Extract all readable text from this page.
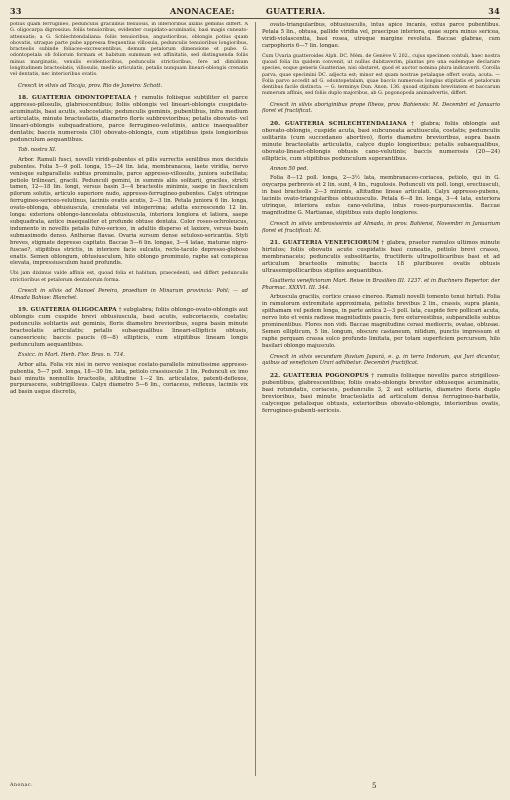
33	ANONACEAE:	GUATTERIA.	34

potius quam ferrugineo, pedunculis gracilibus flexuosis, in inferioribus axillis geminis differt. A G. oligocarpa digrossius: foliis tenuioribus, evidenter cuspidato-acuminatis, basi magis cuneato-attenuatis; a G. Schlechtendaliana: foliis tenuioribus, angustioribus, oblongis potius quam obovatis, utraque parte pube appressa frequentius villosula, pedunculis tenuioribus longioribus, bracteolis subinde foliaceo-excrescentibus, demum petalorum dimensione et pube. G. odontopetala ob foliorum formam et habitum summum est affinitatis, sed distinguenda foliis minus marginatis, venulis evidentioribus, pedunculis strictioribus, fere ad dimidium longitudinem bracteolatis, villosulis, medio articulatis, petalis nunquam lineari-oblongis crenatis vel dentatis, nec interioribus ovatis.

Crescit in silvis ad Tocaja, prov. Rio de Janeiro: Schott.

18. GUATTERIA ODONTOPETALA † ramulis foliisque subtiliter et parce appresso-pilosulis, glabrescentibus; foliis oblongis vel lineari-oblongis cuspidato-acuminatis, basi acutis, subcostatis; pedunculis geminis, pubentibus, infra medium articulatis, minute bracteolatis, diametro floris subbrevioribus; petalis obovato- vel lineari-oblongis subquadratiore, parce ferrugineo-velutinis, antice inaequaliter dentatis; baccis numerosis (30) obovato-oblongis, cum stipitibus ipsis longioribus pedunculum aequantibus.

Tab. nostra XI.

Arbor. Ramuli fusci, novelli viridi-pubentes et pilis surrectis senilibus mox deciduis pubentes. Folia 5—9 poll. longa, 15—24 lin. lata, membranacea, laete viridia, nervo venisque subparallelis subtus prominulis, parce appresso-villosulis, juniora subciliata; petiolo trilineari, gracili. Pedunculi gemini, in summis aliis solitarii, graciles, stricti tamen, 12—18 lin. longi, versus basin 3—4 bracteolis minimis, saepe in fasciculum pilorum solutis, articulo superiore nudo, appresso-ferrugineo-pubentes. Calyx utrinque ferrugineo-sericeo-velutinus, laciniis ovatis acutis, 2—3 lin. Petala juniora 6 lin. longa, ovato-oblonga, obtusiuscula, crenulata vel integerrima; adulta excrescendo 12 lin. longa: exteriora oblongo-lanceolata obtusiuscula, interiora longiora et latiora, saepe subquadrata, antice inaequaliter et profunde obtuse dentata. Color roseo-ochroleucus, indumento in novellis petalis fulvo-sericeo, in adultis disperso et laxiore, versus basin submaximodo denso. Antherae flavae. Ovaria sursum dense setuloso-sericantia. Styli breves, stigmate depresso capitato. Baccae 5—6 lin. longae, 3—4 latae, maturae nigro-fuscae?, stipitibus strictis, in interiore facie sulcatis, recte-taculo depresso-globoso enatis. Semen oblongum, obtusiusculum, hilo oblongo prominulo, raphe sat conspicua elevata, impressiusculum haud profundis.

Ubi jam diximus valde affinis est, quoad folia et habitum, praecedenti, sed differt pedunculis strictioribus et petalorum dentatorum forma.

Crescit in silvis ad Manoel Pereira, praedium in Minarum provincia: Pohl; — ad Almada Bahiae: Blanchet.

19. GUATTERIA OLIGOCARPA † subglabra; foliis oblongo-ovato-oblongis aut oblongis cum cuspide brevi obtusiuscula, basi acutis, subcoriaceis, costatis; pedunculis solitariis aut geminis, floris diametro brevioribus, supra basin minute bracteolatis articulatis; petalis subaequalibus lineari-ellipticis obtusis, canosericeis; baccis paucis (6—8) ellipticis, cum stipitibus lineam longis pedunculum aequantibus.

Exsicc. in Mart. Herb. Flor. Bras. n. 714.

Arbor alta. Folia vix nisi in nervo venisque costato-parallelis minutissime appresso-pubentia, 5—7 poll. longa, 18—30 lin. lata, petiolo crassiuscule 3 lin. Pedunculi ex imo basi minutis nonnullis bracteolis, altitudine 1—2 lin. articulatos, patenti-deflexos, purpurascens, subtrigillosus. Calyx diametro 5—6 lin., coriaceus, reflexus, laciniis vix ad basin usque discretis,

Anonac.

ovato-triangularibus, obtusiusculis, intus apice incanis, extus parce pubentibus. Petala 5 lin., obtusa, pallide viridia vel, praecipue interiora, quae supra minus sericea, viridi-violascentia, basi rosea, utreque margine revoluta. Baccae glabrae, cum carpophoris 6—7 lin. longae.

Cum Uvaria guatteroides Alph. DC. Mém. de Genève V. 202., cujus specimen contuli, haec nostra quoad folia ita quidem convenit, ut nullus dubitaverim, plantas pro una eademque declarare species, eoque generis Guatteriae, nisi obstaret, quod et auctor nomina plura indicaverit. Corolla parva, quae specimini DC. adjecta est; minor est quam nostrae petalaque offert ovata, acuta. — Folia parvo accedit ad G. odontopetalam, quae baccis numerosis longius stipitatis et petalorum dentibus facile distincta. — G. terminys Dun. Anon. 136. quoad stipitum brevitatem et baccarum numerum affinis, sed foliis duplo majoribus, ab G. pogonopoda animadvertis, differt.

Crescit in silvis aboriginibus prope Ilheos, prov. Bahiensis: M. Decembri et Januario floret et fructificat.

20. GUATTERIA SCHLECHTENDALIANA † glabra; foliis oblongis aut obovato-oblongis, cuspide acuta, basi subcuneata acutiuscula, costatis; pedunculis solitariis (cum succedaneo abortivo), floris diametro brevioribus, supra basin minute bracteolatis articulatis, calyce duplo longioribus; petalis subaequalibus, obovato-lineari-oblongis obtusis cano-velutinis; baccis numerosis (20—24) ellipticis, cum stipitibus pedunculum superantibus.

Annon 50 ped.

Folia 8—12 poll. longa, 2—3½ lata, membranaceo-coriacea, petiolo, qui in G. oxycarpa perbrevis et 2 lin. sunt, 4 lin., rugulosis. Pedunculi vix poll. longi, erectiusculi, in basi bracteolis 2—3 minimis, altitudine lineae articulati. Calyx appresso-pubens, laciniis ovato-triangularibus obtusiusculis. Petala 6—8 lin. longa, 3—4 lata, exteriora utrinque, interiora extus cano-velutina, intus roseo-purpurascentia. Baccae magnitudine G. Martianae, stipitibus suis duplo longiores.

Crescit in silvis umbrosissimis ad Almada, in prov. Bahiensi, Novembri in Januarium floret et fructificat: M.

21. GUATTERIA VENEFICIORUM † glabra, praeter ramulos ultimos minute hirtulos; foliis obovatis acute cuspidatis basi cuneatis, petiolo brevi crasso, membranaceis; pedunculis subsolitariis, fructiferis ultrapollicaribus basi et ad articulum bracteolis minutis; baccis 18 pluribusve ovatis obtusis ultrasemipollicaribus stipites aequantibus.

Guatteria veneficiorum Mart. Reise in Brasilien III. 1237. et in Buchners Repertor. der Pharmac. XXXVI. III. 344.

Arbuscula gracilis, cortice crasso cinereo. Ramuli novelli tomento tenui hirtuli. Folia in ramulorum extremitate approximata, petiolis brevibus 2 lin., crassis, supra planis, spithamam vel pedem longa, in parte antica 2—3 poll. lata, cuspide fere pollicari acuta, nervo luto et venis radiose magnitudinis paucis, fere exturvestibus, subparallelis subtus prominentibus. Flores non vidi. Baccae magnitudine cerasi mediocris, ovatae, obtusae. Semen ellipticum, 5 lin. longum, obscure castaneum, nitidum, punctis impressum et raphe perquam crassa sulco profundo limitata, per totam superficiem percursum, hilo basilari oblongo majusculo.

Crescit in silvis secundum fluvium Japurá, e. g. in terra Indorum, qui Juri dicuntur, quibus ad veneficium Urari adhibetur. Decembri fructificat.

22. GUATTERIA POGONOPUS † ramulis foliisque novellis parce strigilloso-pubentibus, glabrescentibus; foliis ovato-oblongis breviter obtuseque acuminatis, basi rotundatis, coriaceis, pedunculis 3, 2 aut solitariis, diametro floris duplo brevioribus, basi minute bracteolatis ad articulum densa ferrugineo-barbatis, calyceque petalisque obtusis, exterioribus obovato-oblongis, interioribus ovatis, ferrugineo-pubenti-sericeis.
5
